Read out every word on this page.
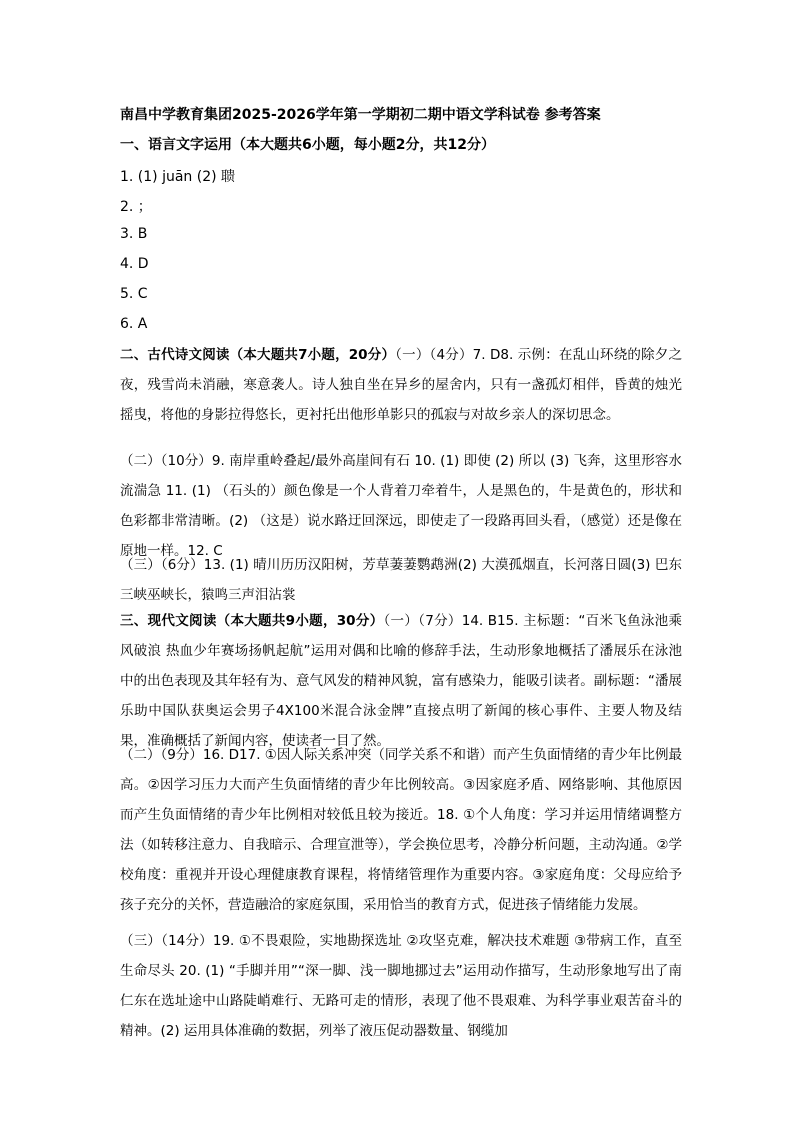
南昌中学教育集团2025-2026学年第一学期初二期中语文学科试卷 参考答案
一、语言文字运用（本大题共6小题，每小题2分，共12分）
1. (1) juān (2) 聩
2. ；
3. B
4. D
5. C
6. A
二、古代诗文阅读（本大题共7小题，20分）（一）（4分）7. D8. 示例：在乱山环绕的除夕之夜，残雪尚未消融，寒意袭人。诗人独自坐在异乡的屋舍内，只有一盏孤灯相伴，昏黄的烛光摇曳，将他的身影拉得悠长，更衬托出他形单影只的孤寂与对故乡亲人的深切思念。
（二）（10分）9. 南岸重岭叠起/最外高崖间有石 10. (1) 即使 (2) 所以 (3) 飞奔，这里形容水流湍急 11. (1) （石头的）颜色像是一个人背着刀牵着牛，人是黑色的，牛是黄色的，形状和色彩都非常清晰。(2) （这是）说水路迂回深远，即使走了一段路再回头看，（感觉）还是像在原地一样。12. C
（三）（6分）13. (1) 晴川历历汉阳树，芳草萋萋鹦鹉洲(2) 大漠孤烟直，长河落日圆(3) 巴东三峡巫峡长，猿鸣三声泪沾裳
三、现代文阅读（本大题共9小题，30分）（一）（7分）14. B15. 主标题：“百米飞鱼泳池乘风破浪 热血少年赛场扬帆起航”运用对偶和比喻的修辞手法，生动形象地概括了潘展乐在泳池中的出色表现及其年轻有为、意气风发的精神风貌，富有感染力，能吸引读者。副标题：“潘展乐助中国队获奥运会男子4X100米混合泳金牌”直接点明了新闻的核心事件、主要人物及结果，准确概括了新闻内容，使读者一目了然。
（二）（9分）16. D17. ①因人际关系冲突（同学关系不和谐）而产生负面情绪的青少年比例最高。②因学习压力大而产生负面情绪的青少年比例较高。③因家庭矛盾、网络影响、其他原因而产生负面情绪的青少年比例相对较低且较为接近。18. ①个人角度：学习并运用情绪调整方法（如转移注意力、自我暗示、合理宣泄等），学会换位思考，冷静分析问题，主动沟通。②学校角度：重视并开设心理健康教育课程，将情绪管理作为重要内容。③家庭角度：父母应给予孩子充分的关怀，营造融洽的家庭氛围，采用恰当的教育方式，促进孩子情绪能力发展。
（三）（14分）19. ①不畏艰险，实地勘探选址 ②攻坚克难，解决技术难题 ③带病工作，直至生命尽头 20. (1) “手脚并用”“深一脚、浅一脚地挪过去”运用动作描写，生动形象地写出了南仁东在选址途中山路陡峭难行、无路可走的情形，表现了他不畏艰难、为科学事业艰苦奋斗的精神。(2) 运用具体准确的数据，列举了液压促动器数量、钢缆加
